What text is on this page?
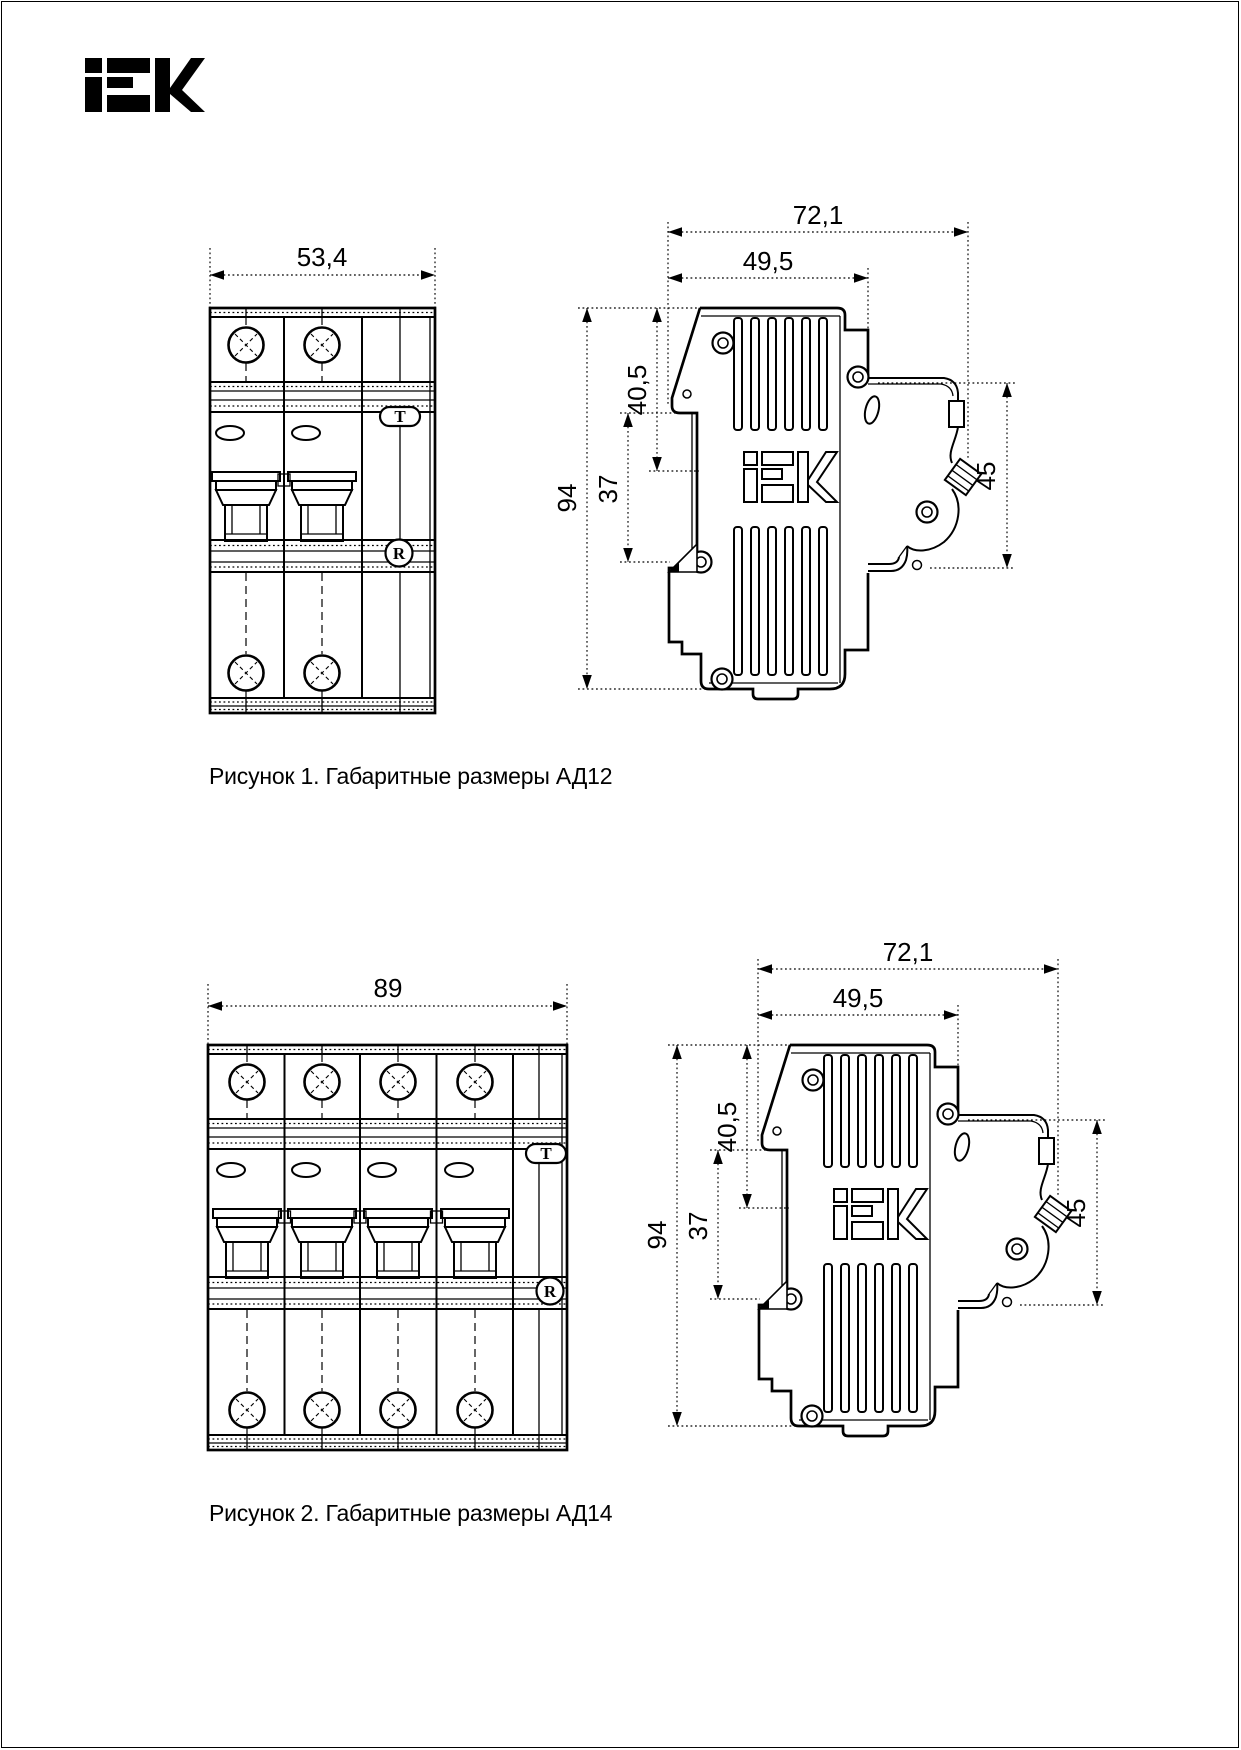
T
R
53,4
72,1
49,5
94
40,5
37	45
T
R
89
72,1
49,5
94
40,5
37	45
Рисунок 1. Габаритные размеры АД12
Рисунок 2. Габаритные размеры АД14
